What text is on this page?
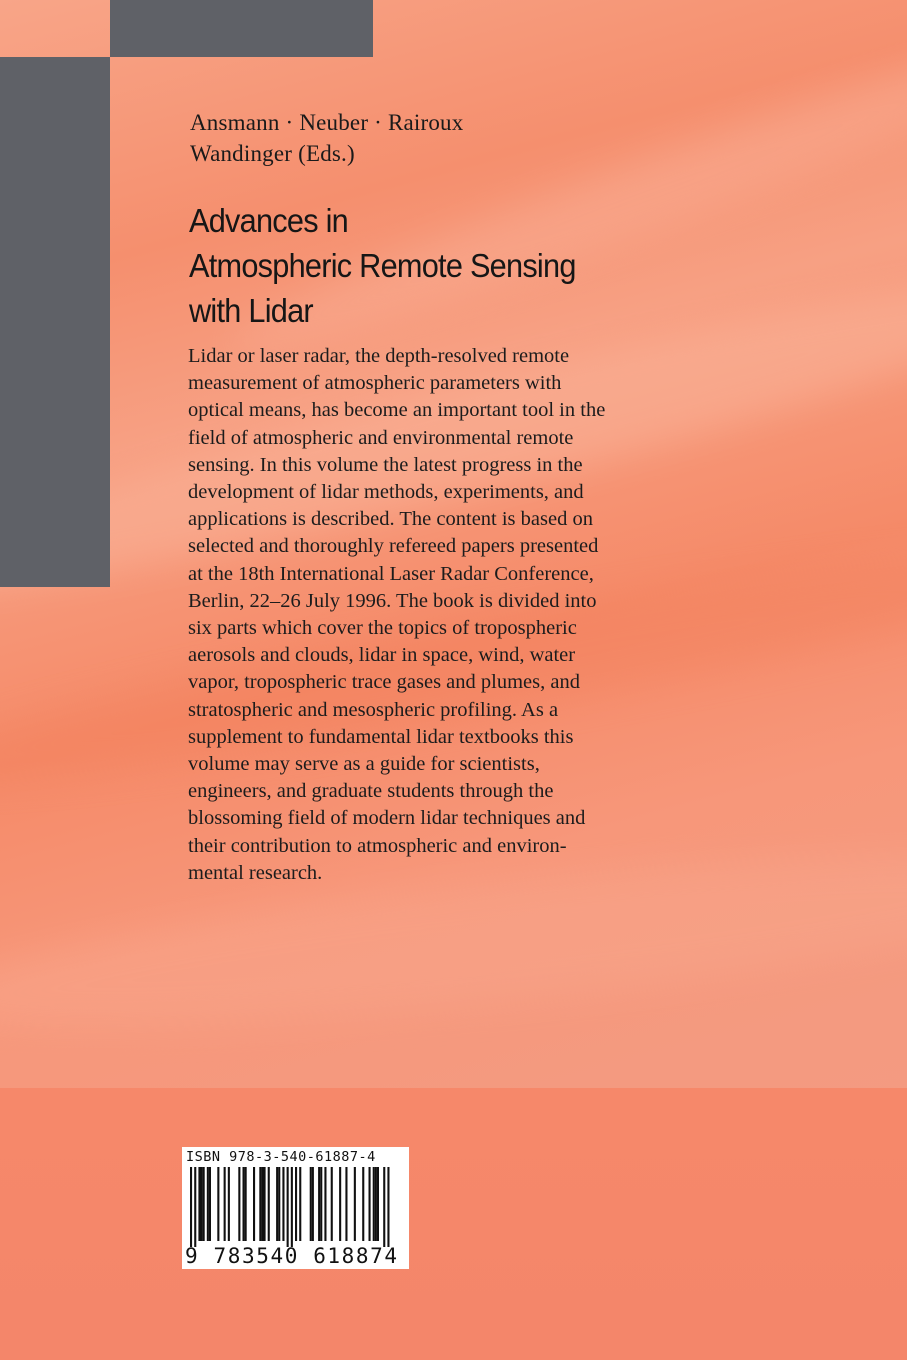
Ansmann · Neuber · Rairoux
Wandinger (Eds.)
Advances in
Atmospheric Remote Sensing
with Lidar
Lidar or laser radar, the depth-resolved remote
measurement of atmospheric parameters with
optical means, has become an important tool in the
field of atmospheric and environmental remote
sensing. In this volume the latest progress in the
development of lidar methods, experiments, and
applications is described. The content is based on
selected and thoroughly refereed papers presented
at the 18th International Laser Radar Conference,
Berlin, 22–26 July 1996. The book is divided into
six parts which cover the topics of tropospheric
aerosols and clouds, lidar in space, wind, water
vapor, tropospheric trace gases and plumes, and
stratospheric and mesospheric profiling. As a
supplement to fundamental lidar textbooks this
volume may serve as a guide for scientists,
engineers, and graduate students through the
blossoming field of modern lidar techniques and
their contribution to atmospheric and environ-
mental research.
ISBN 978-3-540-61887-4
9 783540 618874
